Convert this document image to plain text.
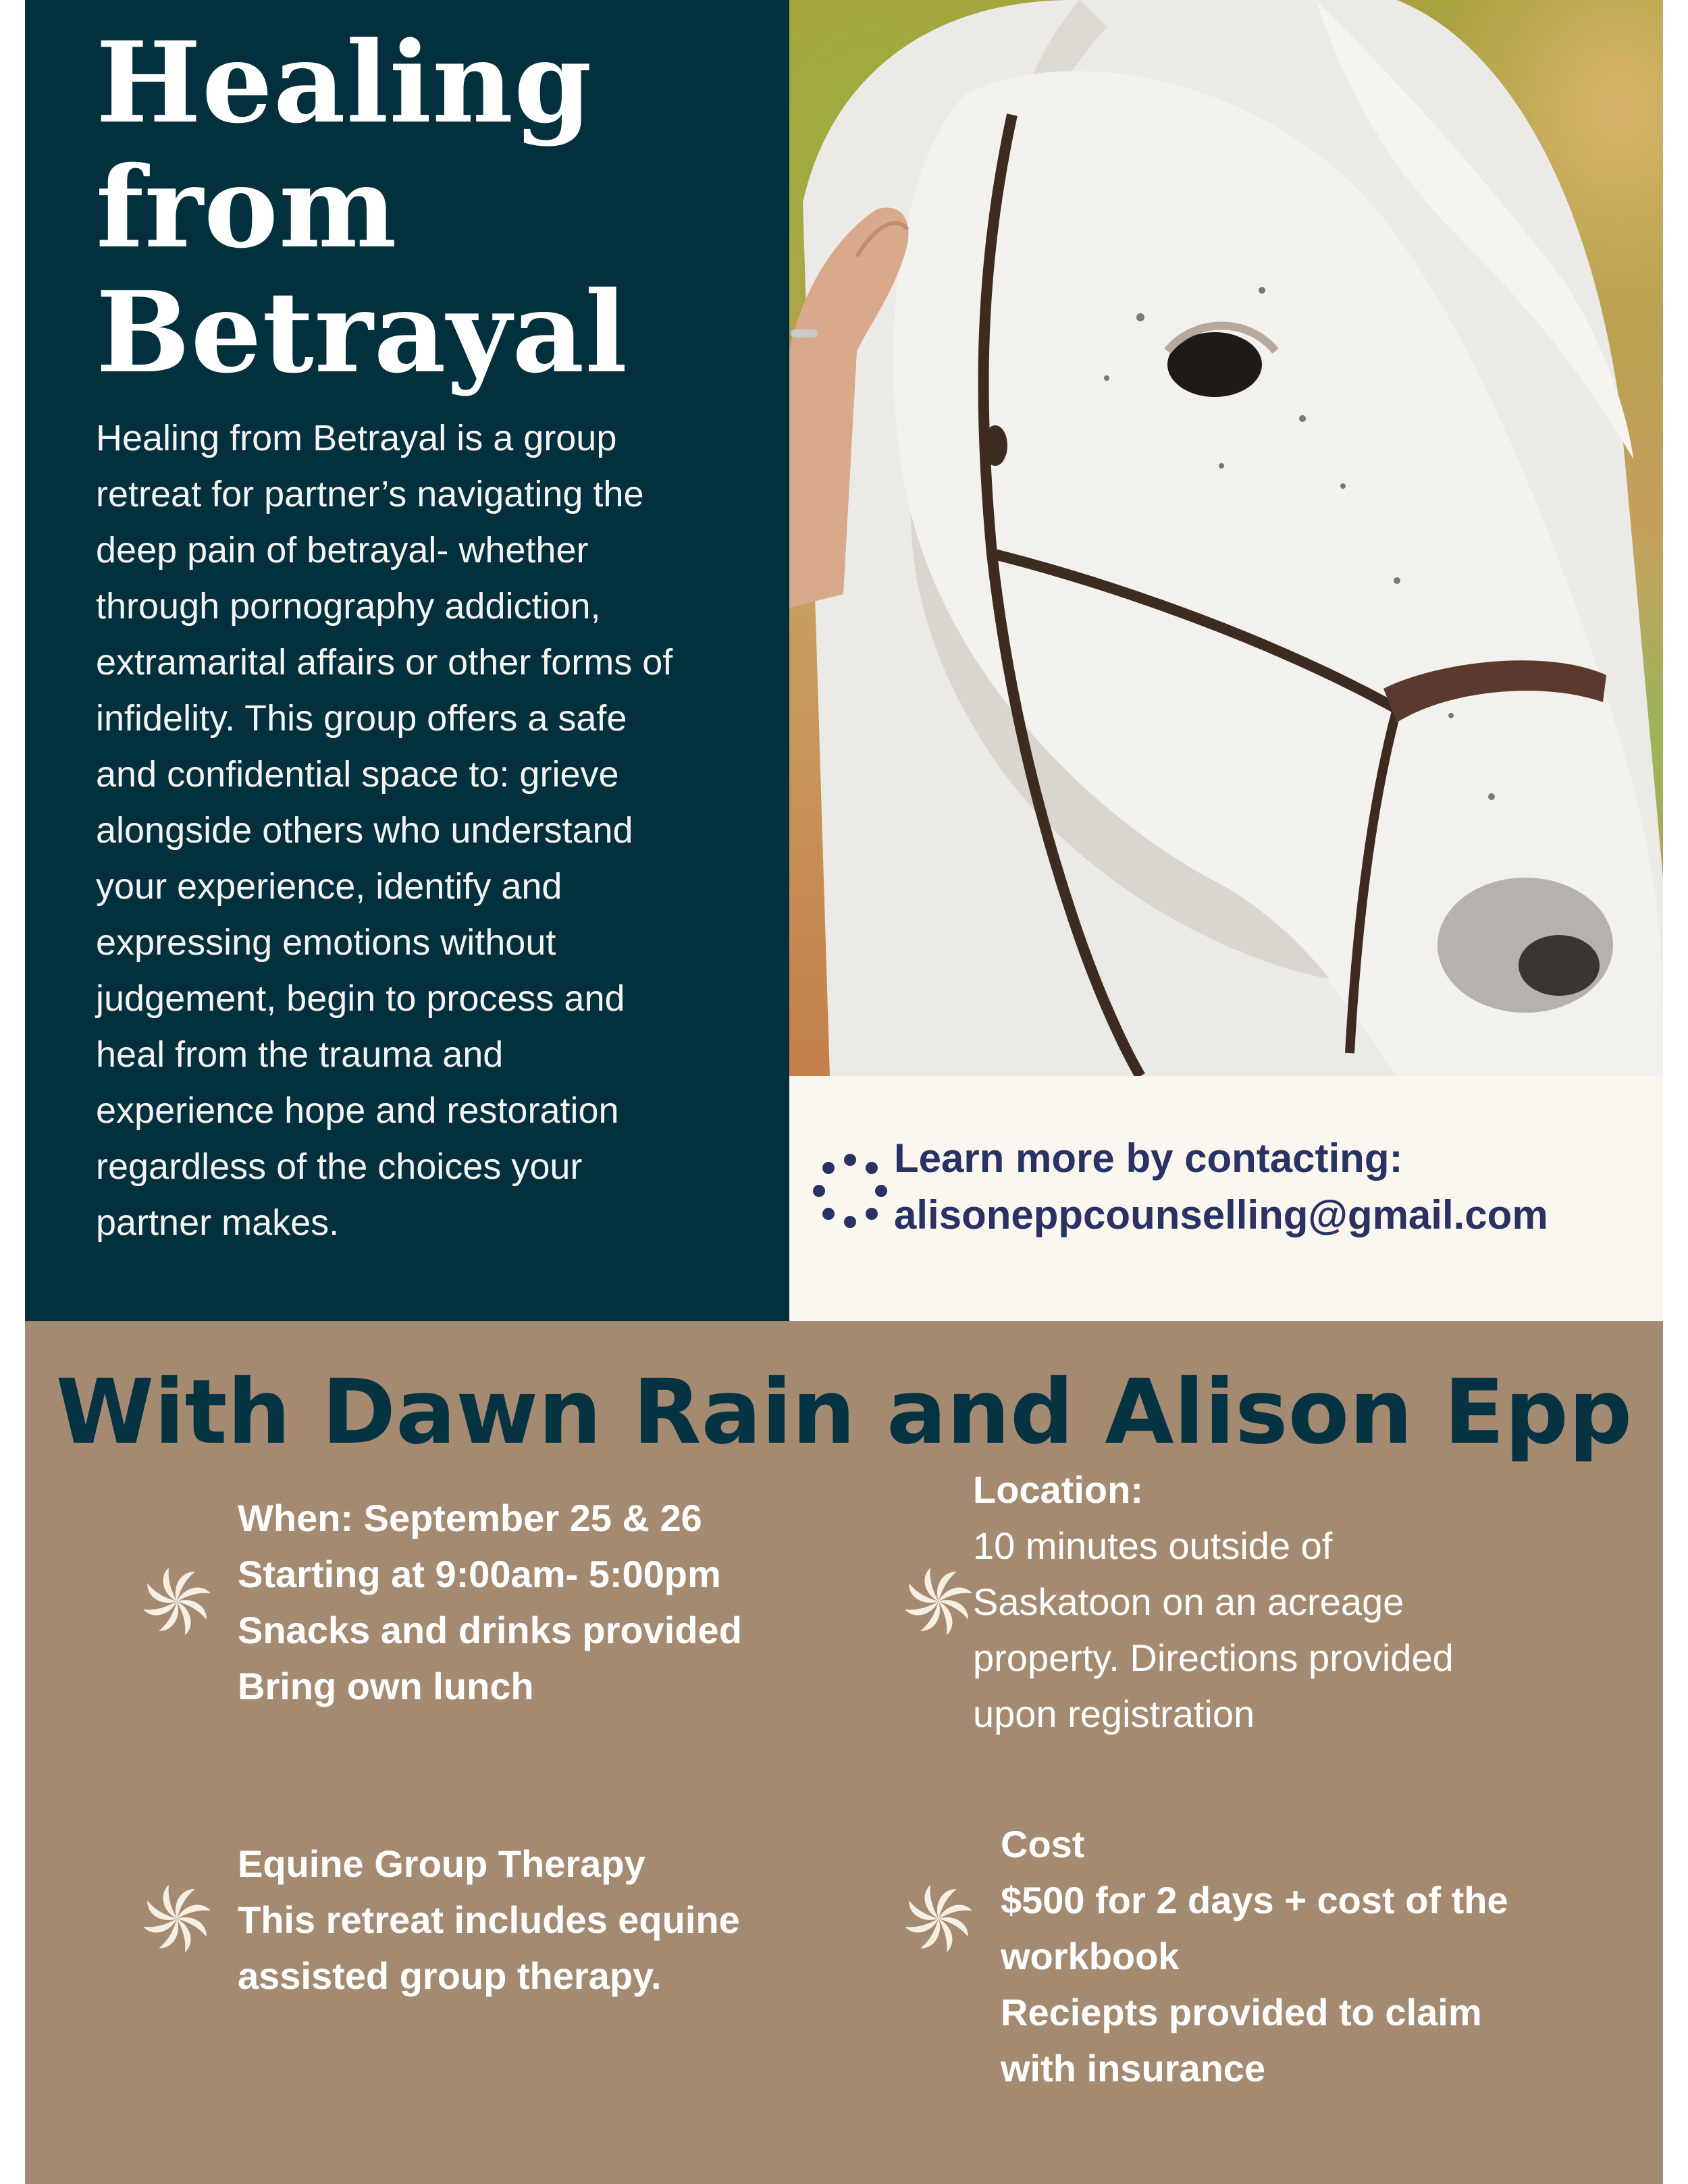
Healing
from
Betrayal

Healing from Betrayal is a group
retreat for partner’s navigating the
deep pain of betrayal- whether
through pornography addiction,
extramarital affairs or other forms of
infidelity. This group offers a safe
and confidential space to: grieve
alongside others who understand
your experience, identify and
expressing emotions without
judgement, begin to process and
heal from the trauma and
experience hope and restoration
regardless of the choices your
partner makes.

Learn more by contacting:
alisoneppcounselling@gmail.com
With Dawn Rain and Alison Epp
When: September 25 & 26
Starting at 9:00am- 5:00pm
Snacks and drinks provided
Bring own lunch
Location:
10 minutes outside of
Saskatoon on an acreage
property. Directions provided
upon registration
Equine Group Therapy
This retreat includes equine
assisted group therapy.
Cost
$500 for 2 days + cost of the
workbook
Reciepts provided to claim
with insurance
